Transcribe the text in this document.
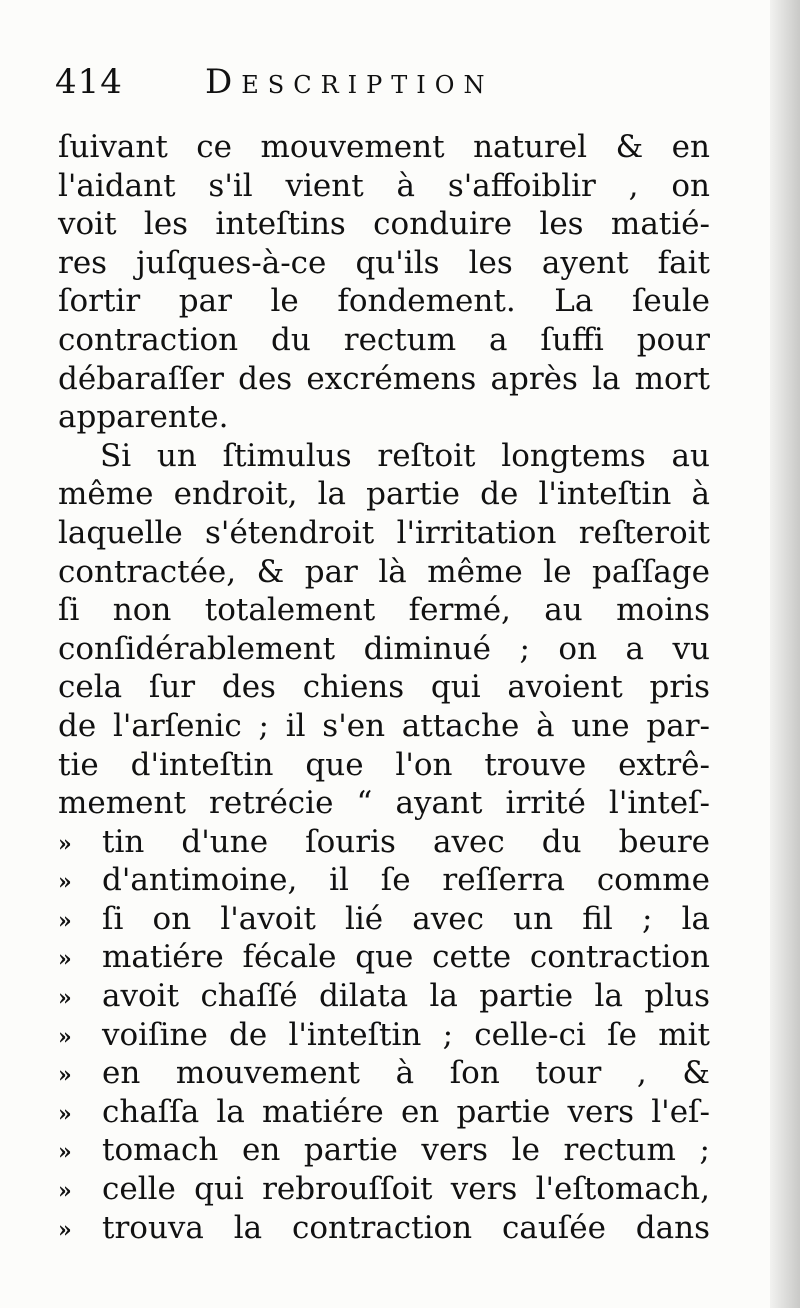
414 Description
ſuivant ce mouvement naturel & en
l'aidant s'il vient à s'affoiblir , on
voit les inteſtins conduire les matié-
res juſques-à-ce qu'ils les ayent fait
ſortir par le fondement. La ſeule
contraction du rectum a ſuffi pour
débaraſſer des excrémens après la mort
apparente.
Si un ſtimulus reſtoit longtems au
même endroit, la partie de l'inteſtin à
laquelle s'étendroit l'irritation reſteroit
contractée, & par là même le paſſage
ſi non totalement fermé, au moins
conſidérablement diminué ; on a vu
cela ſur des chiens qui avoient pris
de l'arſenic ; il s'en attache à une par-
tie d'inteſtin que l'on trouve extrê-
mement retrécie “ ayant irrité l'inteſ-
» tin d'une ſouris avec du beure
» d'antimoine, il ſe reſſerra comme
» ſi on l'avoit lié avec un fil ; la
» matiére fécale que cette contraction
» avoit chaſſé dilata la partie la plus
» voiſine de l'inteſtin ; celle-ci ſe mit
» en mouvement à ſon tour , &
» chaſſa la matiére en partie vers l'eſ-
» tomach en partie vers le rectum ;
» celle qui rebrouſſoit vers l'eſtomach,
» trouva la contraction cauſée dans
